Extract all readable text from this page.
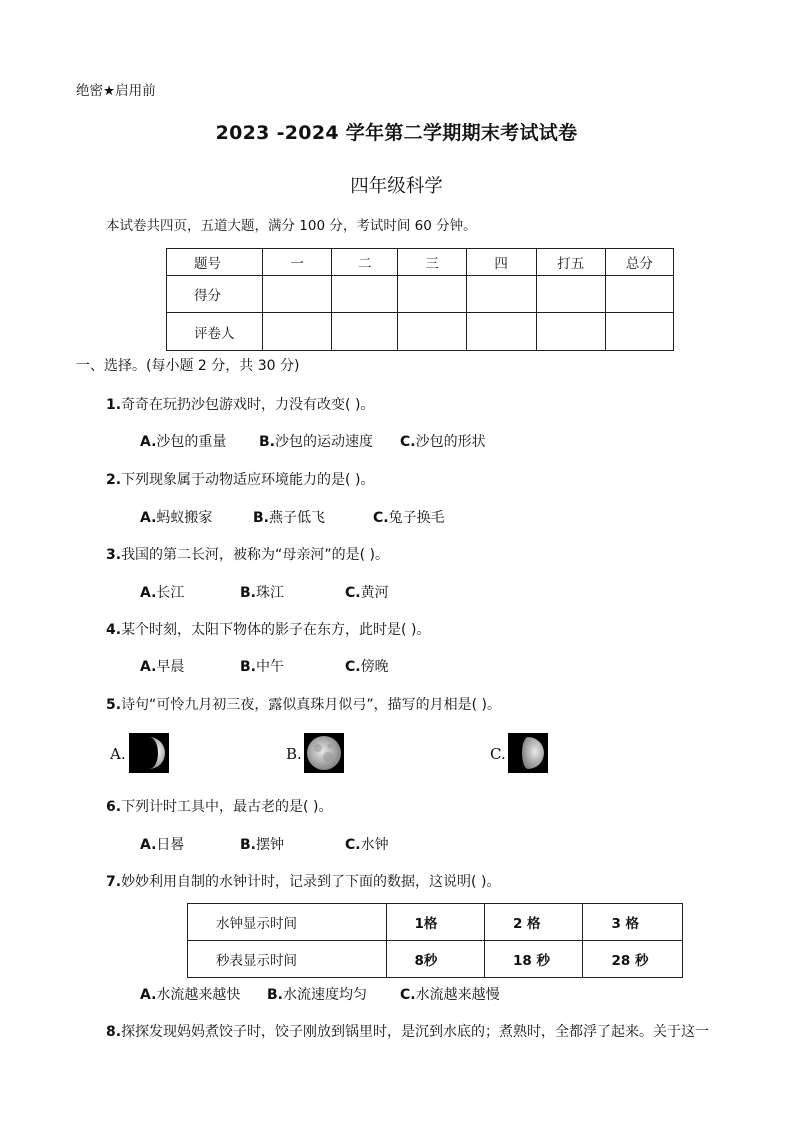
绝密★启用前
2023 -2024 学年第二学期期末考试试卷
四年级科学
本试卷共四页，五道大题，满分 100 分，考试时间 60 分钟。
题号	一	二	三	四	打五	总分
得分						
评卷人						
一、选择。(每小题 2 分，共 30 分)
1.奇奇在玩扔沙包游戏时，力没有改变( )。
A.沙包的重量 B.沙包的运动速度 C.沙包的形状
2.下列现象属于动物适应环境能力的是( )。
A.蚂蚁搬家	B.燕子低飞	C.兔子换毛
3.我国的第二长河，被称为“母亲河”的是( )。
A.长江	B.珠江	C.黄河
4.某个时刻，太阳下物体的影子在东方，此时是( )。
A.早晨	B.中午	C.傍晚
5.诗句“可怜九月初三夜，露似真珠月似弓”，描写的月相是( )。
A.	B.	C.
6.下列计时工具中，最古老的是( )。
A.日晷	B.摆钟	C.水钟
7.妙妙利用自制的水钟计时，记录到了下面的数据，这说明( )。
水钟显示时间	1格	2 格	3 格
秒表显示时间	8秒	18 秒	28 秒
A.水流越来越快 B.水流速度均匀 C.水流越来越慢
8.探探发现妈妈煮饺子时，饺子刚放到锅里时，是沉到水底的；煮熟时，全都浮了起来。关于这一
